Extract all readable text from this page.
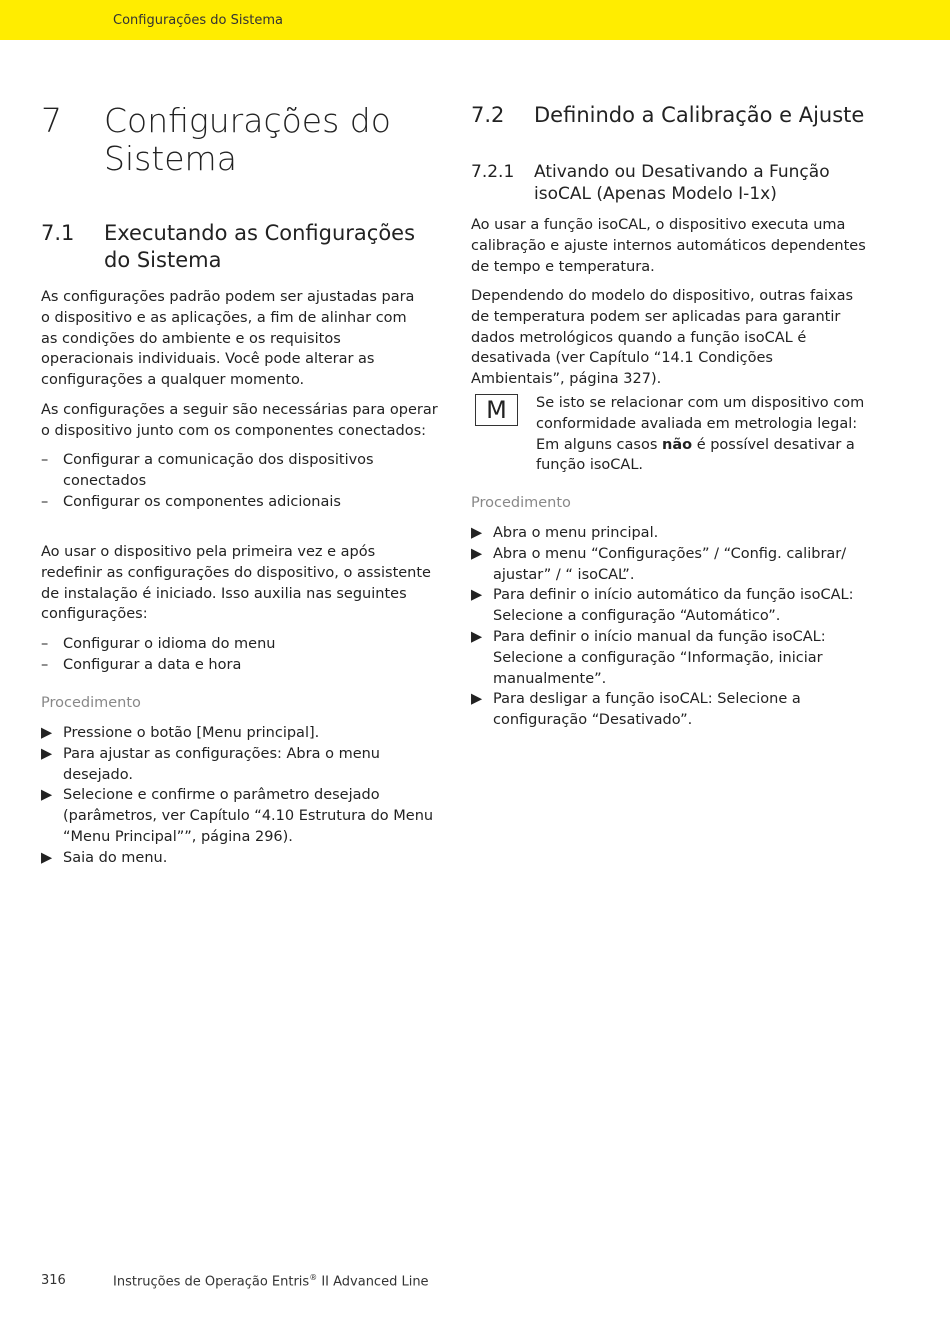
Configurações do Sistema
7 Configurações do Sistema
7.1 Executando as Configurações do Sistema
As configurações padrão podem ser ajustadas para o dispositivo e as aplicações, a fim de alinhar com as condições do ambiente e os requisitos operacionais individuais. Você pode alterar as configurações a qualquer momento.
As configurações a seguir são necessárias para operar o dispositivo junto com os componentes conectados:
– Configurar a comunicação dos dispositivos conectados
– Configurar os componentes adicionais
Ao usar o dispositivo pela primeira vez e após redefinir as configurações do dispositivo, o assistente de instalação é iniciado. Isso auxilia nas seguintes configurações:
– Configurar o idioma do menu
– Configurar a data e hora
Procedimento
▶ Pressione o botão [Menu principal].
▶ Para ajustar as configurações: Abra o menu desejado.
▶ Selecione e confirme o parâmetro desejado (parâmetros, ver Capítulo “4.10 Estrutura do Menu “Menu Principal””, página 296).
▶ Saia do menu.
7.2 Definindo a Calibração e Ajuste
7.2.1 Ativando ou Desativando a Função isoCAL (Apenas Modelo I-1x)
Ao usar a função isoCAL, o dispositivo executa uma calibração e ajuste internos automáticos dependentes de tempo e temperatura.
Dependendo do modelo do dispositivo, outras faixas de temperatura podem ser aplicadas para garantir dados metrológicos quando a função isoCAL é desativada (ver Capítulo “14.1 Condições Ambientais”, página 327).
M	Se isto se relacionar com um dispositivo com conformidade avaliada em metrologia legal: Em alguns casos não é possível desativar a função isoCAL.
Procedimento
▶ Abra o menu principal.
▶ Abra o menu “Configurações” / “Config. calibrar/ ajustar” / “ isoCAL”.
▶ Para definir o início automático da função isoCAL: Selecione a configuração “Automático”.
▶ Para definir o início manual da função isoCAL: Selecione a configuração “Informação, iniciar manualmente”.
▶ Para desligar a função isoCAL: Selecione a configuração “Desativado”.
316	Instruções de Operação Entris® II Advanced Line
